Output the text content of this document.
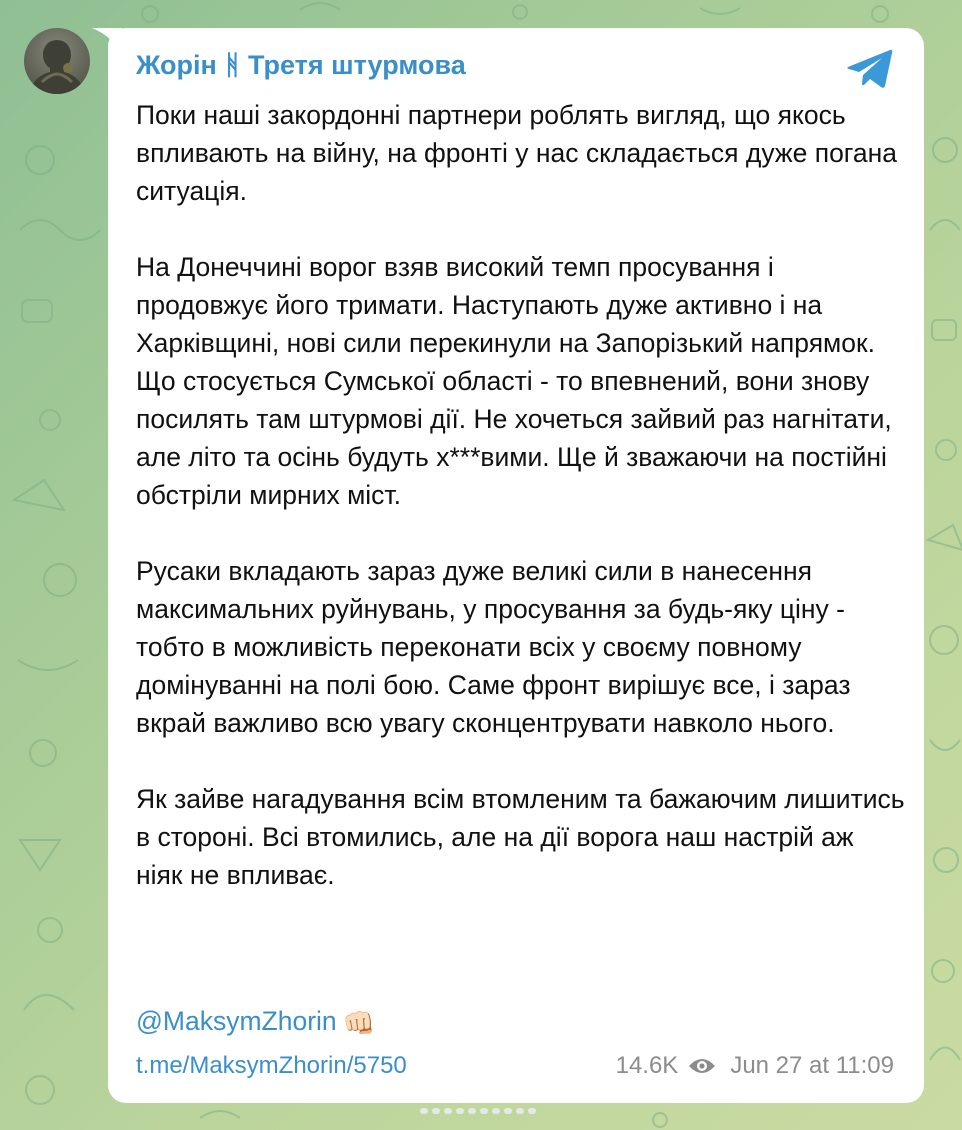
Жорін ᚻ Третя штурмова

Поки наші закордонні партнери роблять вигляд, що якось впливають на війну, на фронті у нас складається дуже погана ситуація.

На Донеччині ворог взяв високий темп просування і продовжує його тримати. Наступають дуже активно і на Харківщині, нові сили перекинули на Запорізький напрямок. Що стосується Сумської області - то впевнений, вони знову посилять там штурмові дії. Не хочеться зайвий раз нагнітати, але літо та осінь будуть х***вими. Ще й зважаючи на постійні обстріли мирних міст.

Русаки вкладають зараз дуже великі сили в нанесення максимальних руйнувань, у просування за будь-яку ціну - тобто в можливість переконати всіх у своєму повному домінуванні на полі бою. Саме фронт вирішує все, і зараз вкрай важливо всю увагу сконцентрувати навколо нього.

Як зайве нагадування всім втомленим та бажаючим лишитись в стороні. Всі втомились, але на дії ворога наш настрій аж ніяк не впливає.

@MaksymZhorin 👊🏻
t.me/MaksymZhorin/5750	14.6K Jun 27 at 11:09
